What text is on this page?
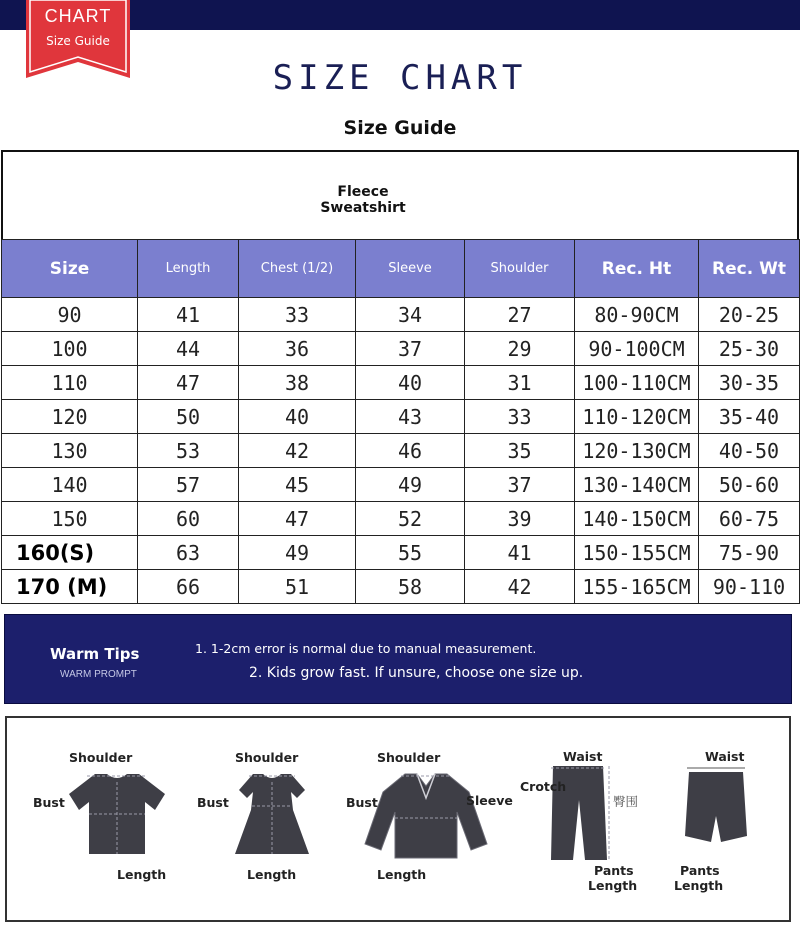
CHART
Size Guide
SIZE CHART
Size Guide
Fleece
Sweatshirt
Size	Length	Chest (1/2)	Sleeve	Shoulder	Rec. Ht	Rec. Wt
90	41	33	34	27	80-90CM	20-25
100	44	36	37	29	90-100CM	25-30
110	47	38	40	31	100-110CM	30-35
120	50	40	43	33	110-120CM	35-40
130	53	42	46	35	120-130CM	40-50
140	57	45	49	37	130-140CM	50-60
150	60	47	52	39	140-150CM	60-75
160(S)	63	49	55	41	150-155CM	75-90
170 (M)	66	51	58	42	155-165CM	90-110
Warm Tips
WARM PROMPT
1. 1-2cm error is normal due to manual measurement.
2. Kids grow fast. If unsure, choose one size up.
Shoulder
Bust
Length
Shoulder
Bust
Length
Shoulder
Bust	Sleeve
Length
Waist
Crotch
臀围
Pants
Length
Waist
Pants
Length
